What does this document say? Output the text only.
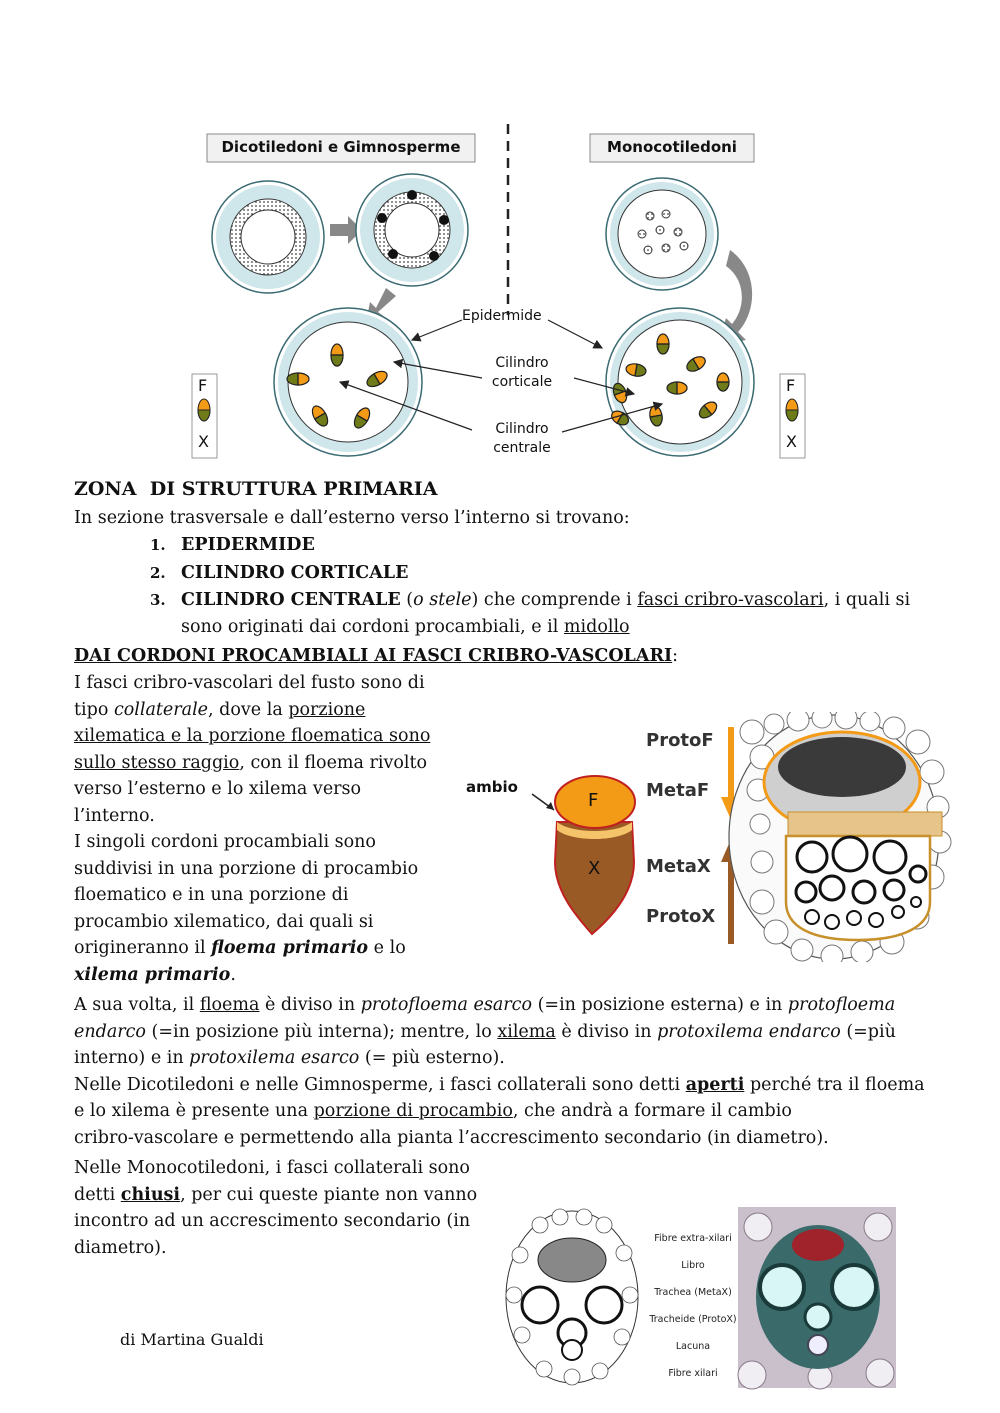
Dicotiledoni e Gimnosperme	Monocotiledoni
Epidermide
Cilindro
corticale
Cilindro
centrale
F
X
F
X
ZONA  DI STRUTTURA PRIMARIA
In sezione trasversale e dall’esterno verso l’interno si trovano:
1. EPIDERMIDE
2. CILINDRO CORTICALE
3. CILINDRO CENTRALE (o stele) che comprende i fasci cribro-vascolari, i quali si
sono originati dai cordoni procambiali, e il midollo
DAI CORDONI PROCAMBIALI AI FASCI CRIBRO-VASCOLARI:
I fasci cribro-vascolari del fusto sono di
tipo collaterale, dove la porzione
xilematica e la porzione floematica sono
sullo stesso raggio, con il floema rivolto
verso l’esterno e lo xilema verso
l’interno.
I singoli cordoni procambiali sono
suddivisi in una porzione di procambio
floematico e in una porzione di
procambio xilematico, dai quali si
origineranno il floema primario e lo
xilema primario.
ambio
F
X
ProtoF
MetaF
MetaX
ProtoX
A sua volta, il floema è diviso in protofloema esarco (=in posizione esterna) e in protofloema
endarco (=in posizione più interna); mentre, lo xilema è diviso in protoxilema endarco (=più
interno) e in protoxilema esarco (= più esterno).
Nelle Dicotiledoni e nelle Gimnosperme, i fasci collaterali sono detti aperti perché tra il floema
e lo xilema è presente una porzione di procambio, che andrà a formare il cambio
cribro-vascolare e permettendo alla pianta l’accrescimento secondario (in diametro).
Nelle Monocotiledoni, i fasci collaterali sono
detti chiusi, per cui queste piante non vanno
incontro ad un accrescimento secondario (in
diametro).	Fibre extra-xilari
Libro
Trachea (MetaX)
Tracheide (ProtoX)
Lacuna
Fibre xilari
di Martina Gualdi
